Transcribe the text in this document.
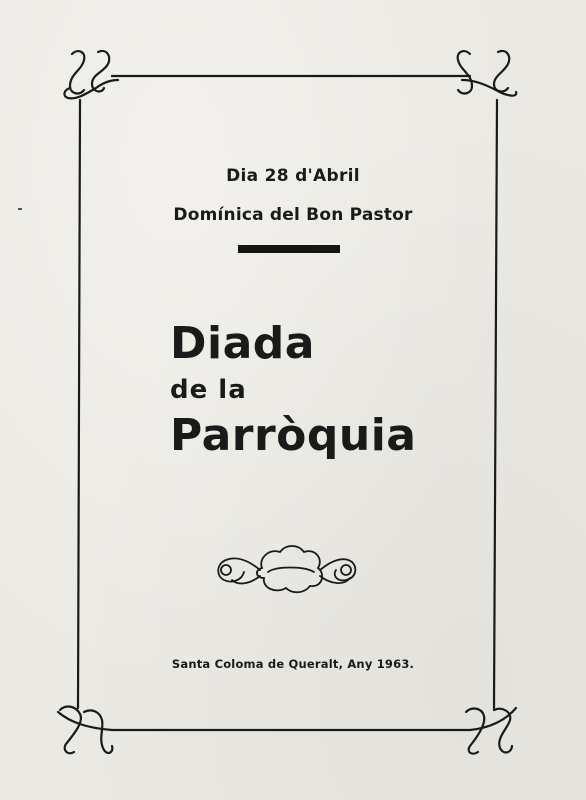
Dia 28 d'Abril
Domínica del Bon Pastor
Diada
de la
Parròquia
Santa Coloma de Queralt, Any 1963.
